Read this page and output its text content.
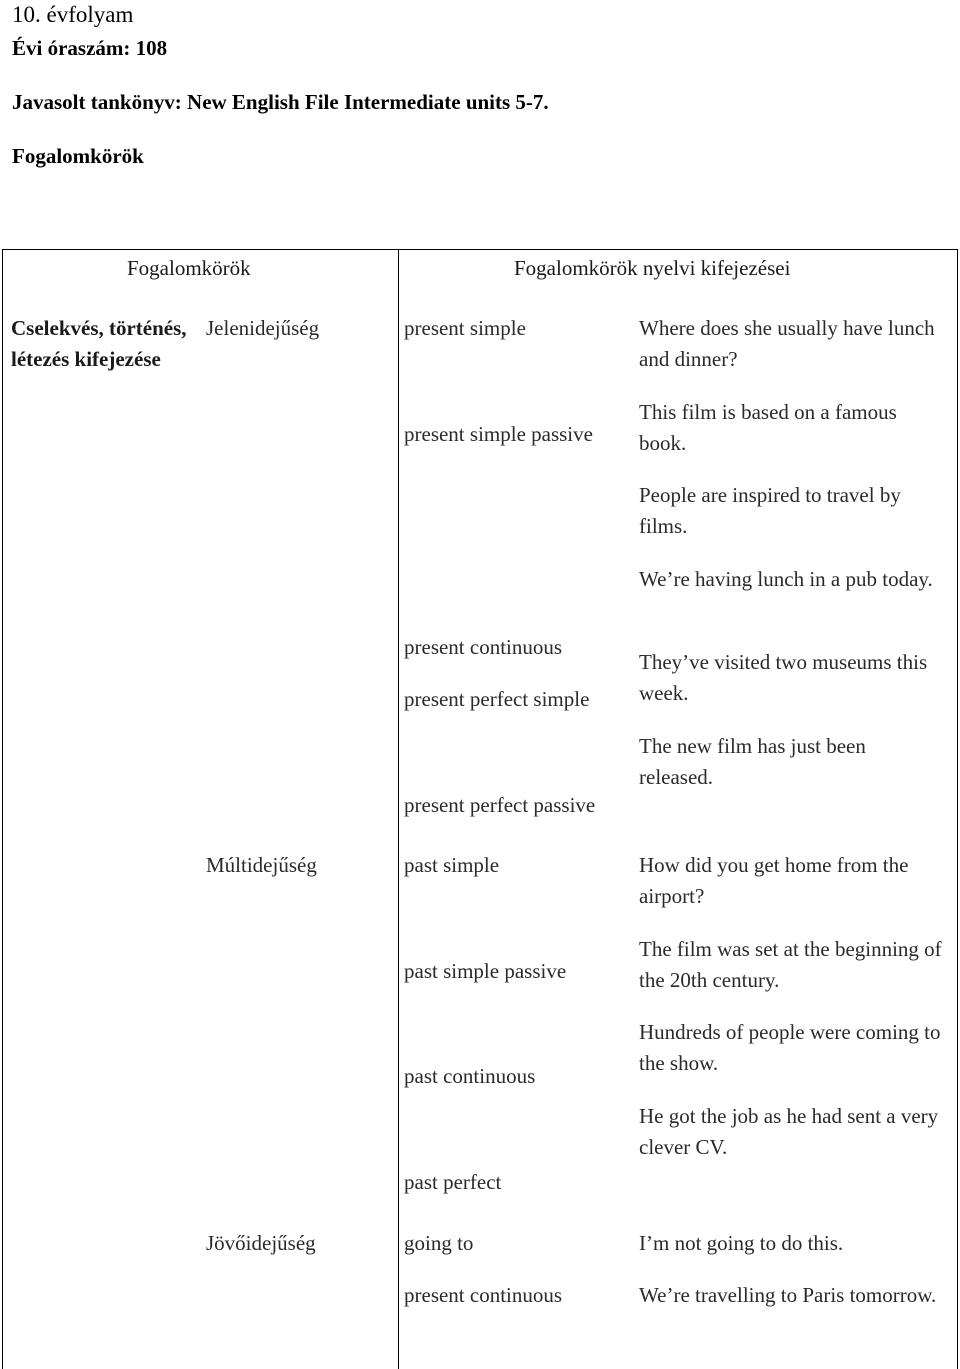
10. évfolyam
Évi óraszám: 108
Javasolt tankönyv: New English File Intermediate units 5-7.
Fogalomkörök
Fogalomkörök	Fogalomkörök nyelvi kifejezései
Cselekvés, történés, létezés kifejezése
Jelenidejűség
Múltidejűség
Jövőidejűség
present simple
present simple passive
present continuous
present perfect simple
present perfect passive
Where does she usually have lunch and dinner?
This film is based on a famous book.
People are inspired to travel by films.
We’re having lunch in a pub today.
They’ve visited two museums this week.
The new film has just been released.
past simple
past simple passive
past continuous
past perfect
How did you get home from the airport?
The film was set at the beginning of the 20th century.
Hundreds of people were coming to the show.
He got the job as he had sent a very clever CV.
going to
present continuous
I’m not going to do this.
We’re travelling to Paris tomorrow.
